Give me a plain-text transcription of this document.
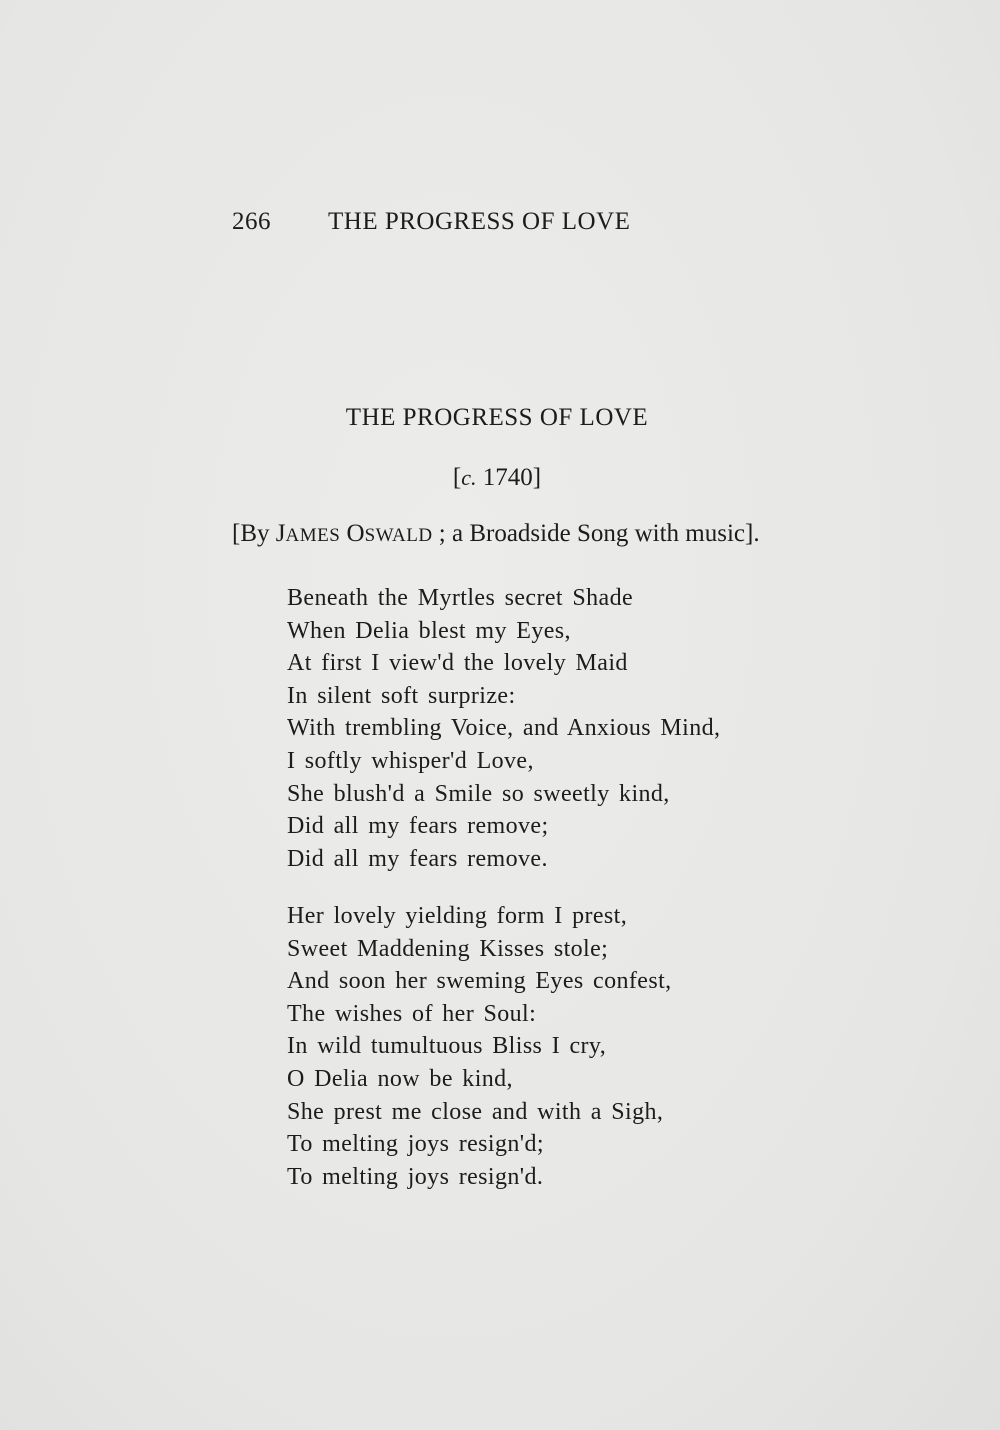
266 THE PROGRESS OF LOVE
THE PROGRESS OF LOVE
[c. 1740]
[By JAMES OSWALD ; a Broadside Song with music].
Beneath the Myrtles secret Shade
When Delia blest my Eyes,
At first I view'd the lovely Maid
In silent soft surprize:
With trembling Voice, and Anxious Mind,
I softly whisper'd Love,
She blush'd a Smile so sweetly kind,
Did all my fears remove;
Did all my fears remove.
Her lovely yielding form I prest,
Sweet Maddening Kisses stole;
And soon her sweming Eyes confest,
The wishes of her Soul:
In wild tumultuous Bliss I cry,
O Delia now be kind,
She prest me close and with a Sigh,
To melting joys resign'd;
To melting joys resign'd.
